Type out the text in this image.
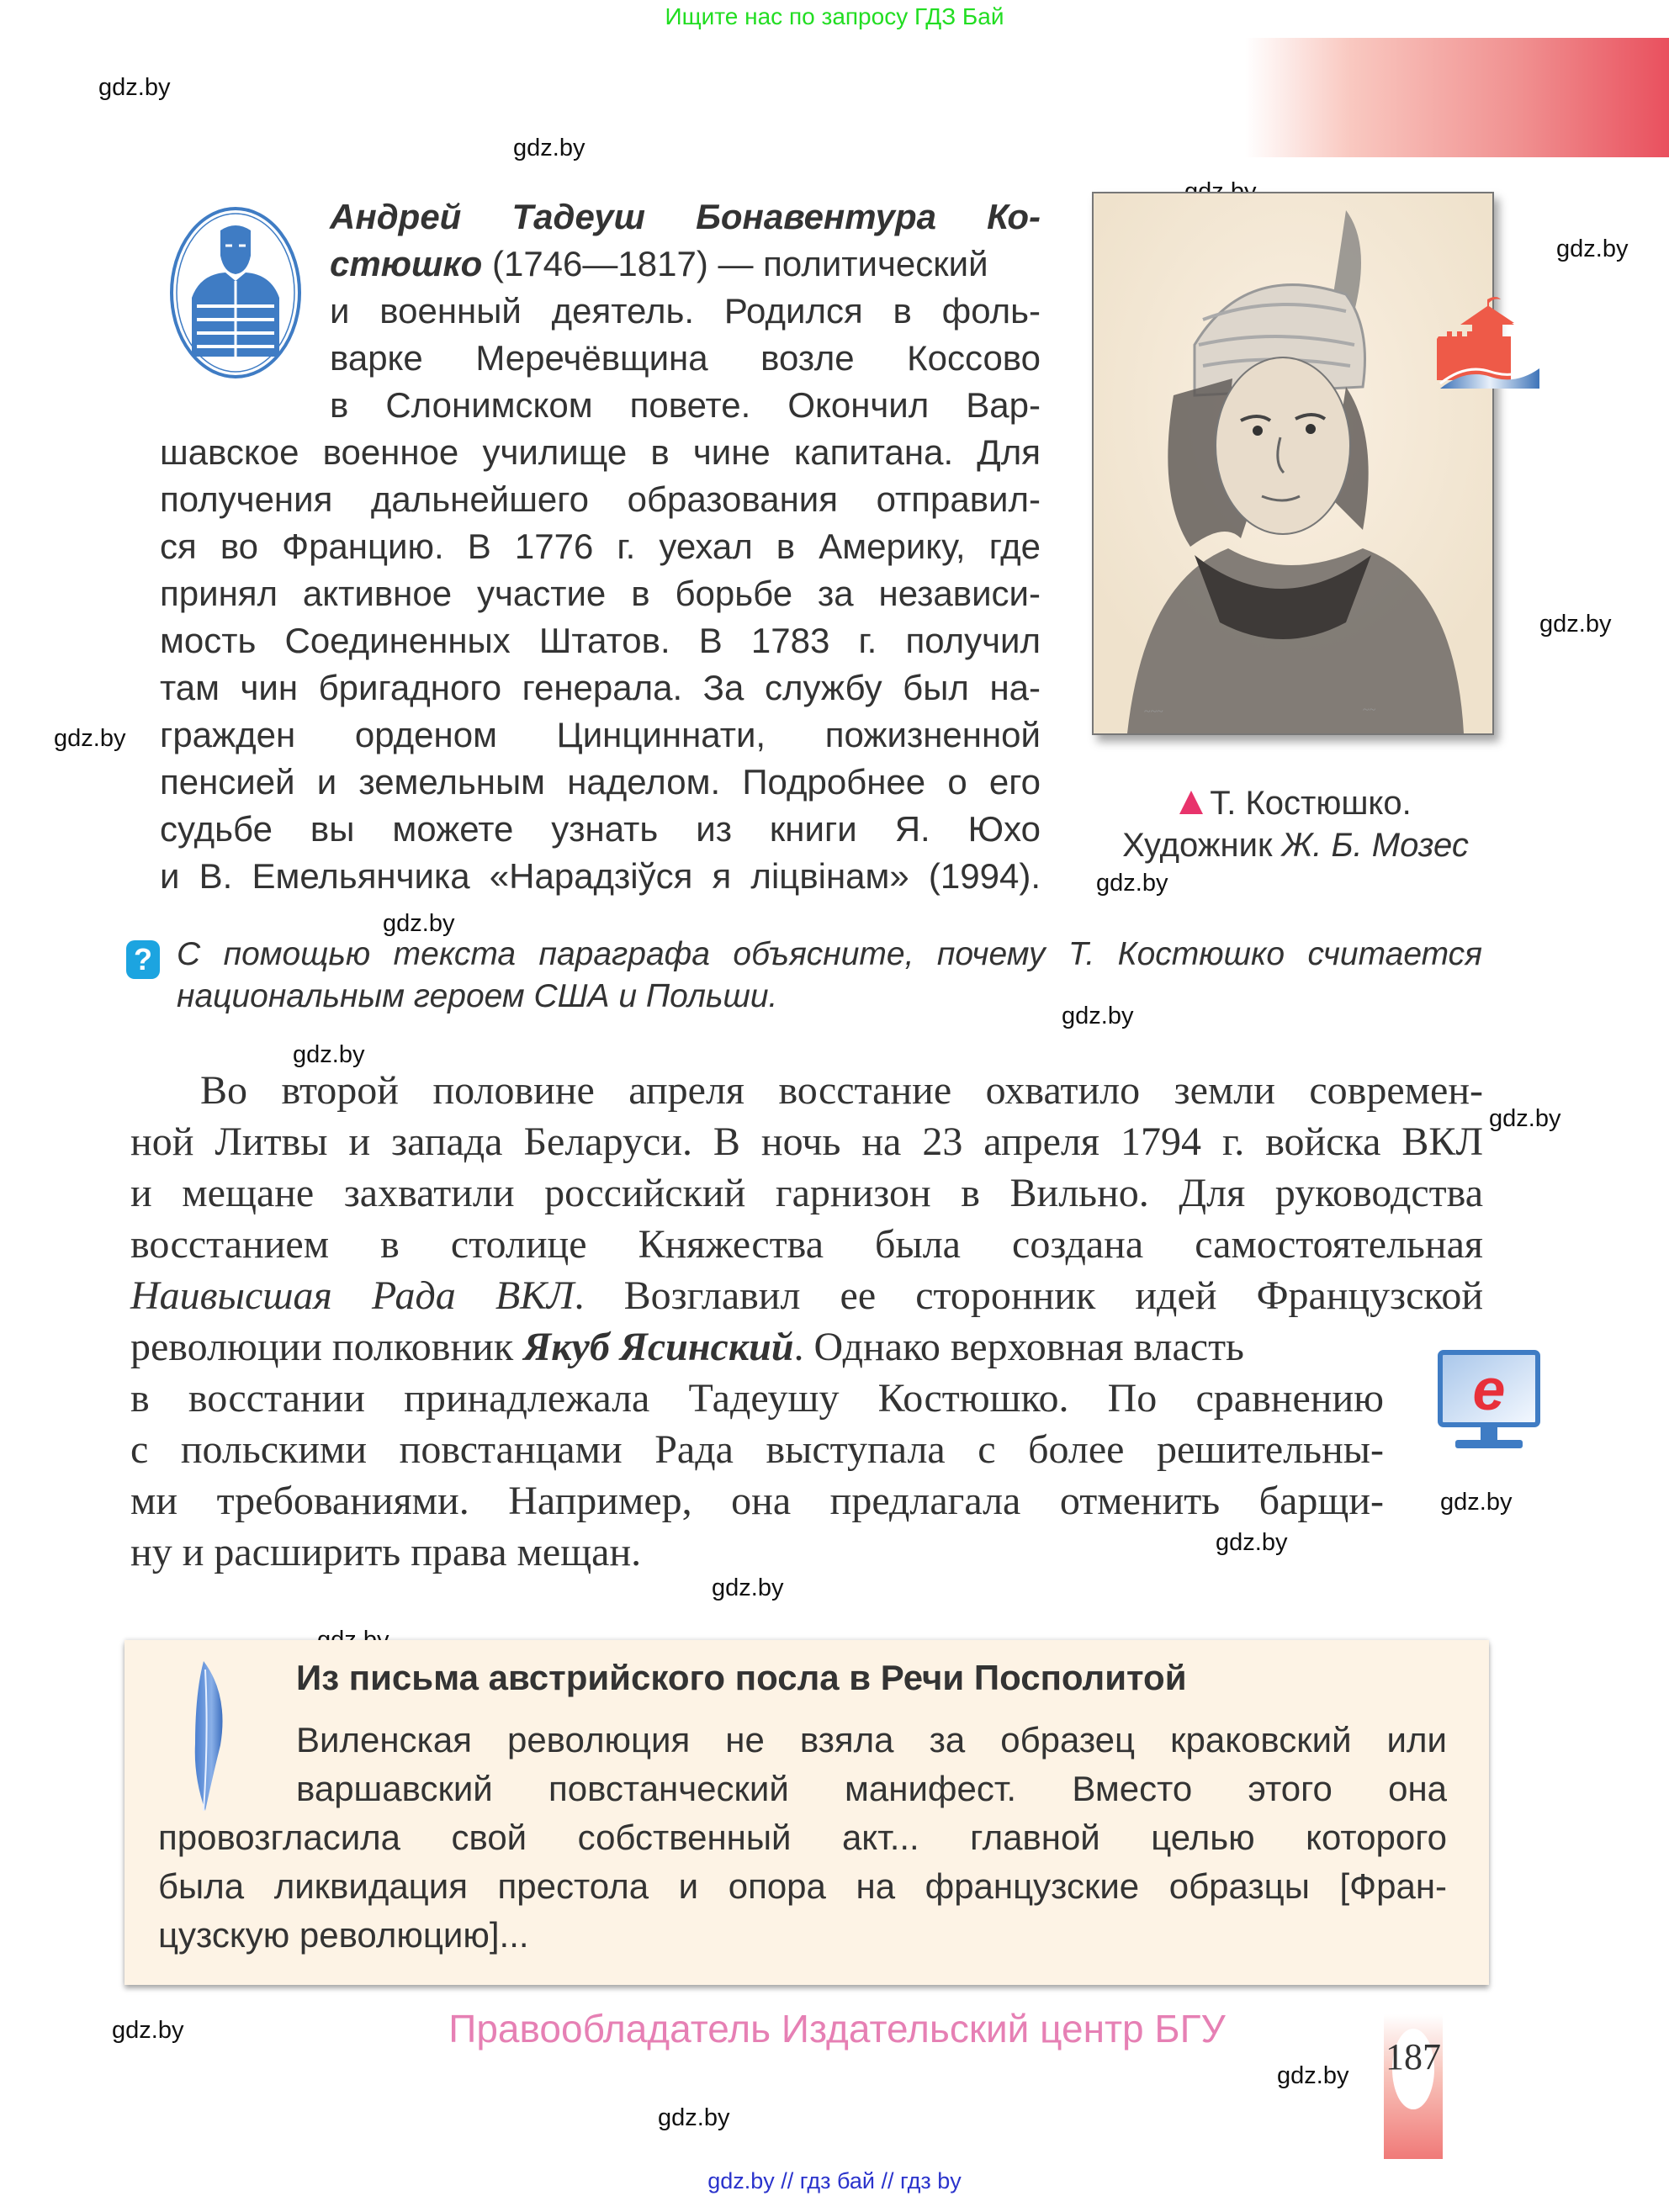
Ищите нас по запросу ГДЗ Бай
gdz.by
gdz.by
gdz.by
gdz.by
gdz.by
gdz.by
gdz.by
gdz.by
gdz.by
gdz.by
gdz.by
gdz.by
gdz.by
gdz.by
gdz.by
gdz.by
Андрей Тадеуш Бонавентура Ко-
стюшко (1746—1817) — политический
и военный деятель. Родился в фоль-
варке Меречёвщина возле Коссово
в Слонимском повете. Окончил Вар-
шавское военное училище в чине капитана. Для
получения дальнейшего образования отправил-
ся во Францию. В 1776 г. уехал в Америку, где
принял активное участие в борьбе за независи-
мость Соединенных Штатов. В 1783 г. получил
там чин бригадного генерала. За службу был на-
гражден орденом Цинциннати, пожизненной
пенсией и земельным наделом. Подробнее о его
судьбе вы можете узнать из книги Я. Юхо
и В. Емельянчика «Нарадзіўся я ліцвінам» (1994).
~~~	~~
Т. Костюшко.
Художник Ж. Б. Мозес
? С помощью текста параграфа объясните, почему Т. Костюшко считается
национальным героем США и Польши.
Во второй половине апреля восстание охватило земли современ-
ной Литвы и запада Беларуси. В ночь на 23 апреля 1794 г. войска ВКЛ
и мещане захватили российский гарнизон в Вильно. Для руководства
восстанием в столице Княжества была создана самостоятельная
Наивысшая Рада ВКЛ. Возглавил ее сторонник идей Французской
революции полковник Якуб Ясинский. Однако верховная власть
в восстании принадлежала Тадеушу Костюшко. По сравнению
с польскими повстанцами Рада выступала с более решительны-
ми требованиями. Например, она предлагала отменить барщи-
ну и расширить права мещан.
e
Из письма австрийского посла в Речи Посполитой
Виленская революция не взяла за образец краковский или
варшавский повстанческий манифест. Вместо этого она
провозгласила свой собственный акт... главной целью которого
была ликвидация престола и опора на французские образцы [Фран-
цузскую революцию]...
Правообладатель Издательский центр БГУ
187
gdz.by // гдз бай // гдз by
